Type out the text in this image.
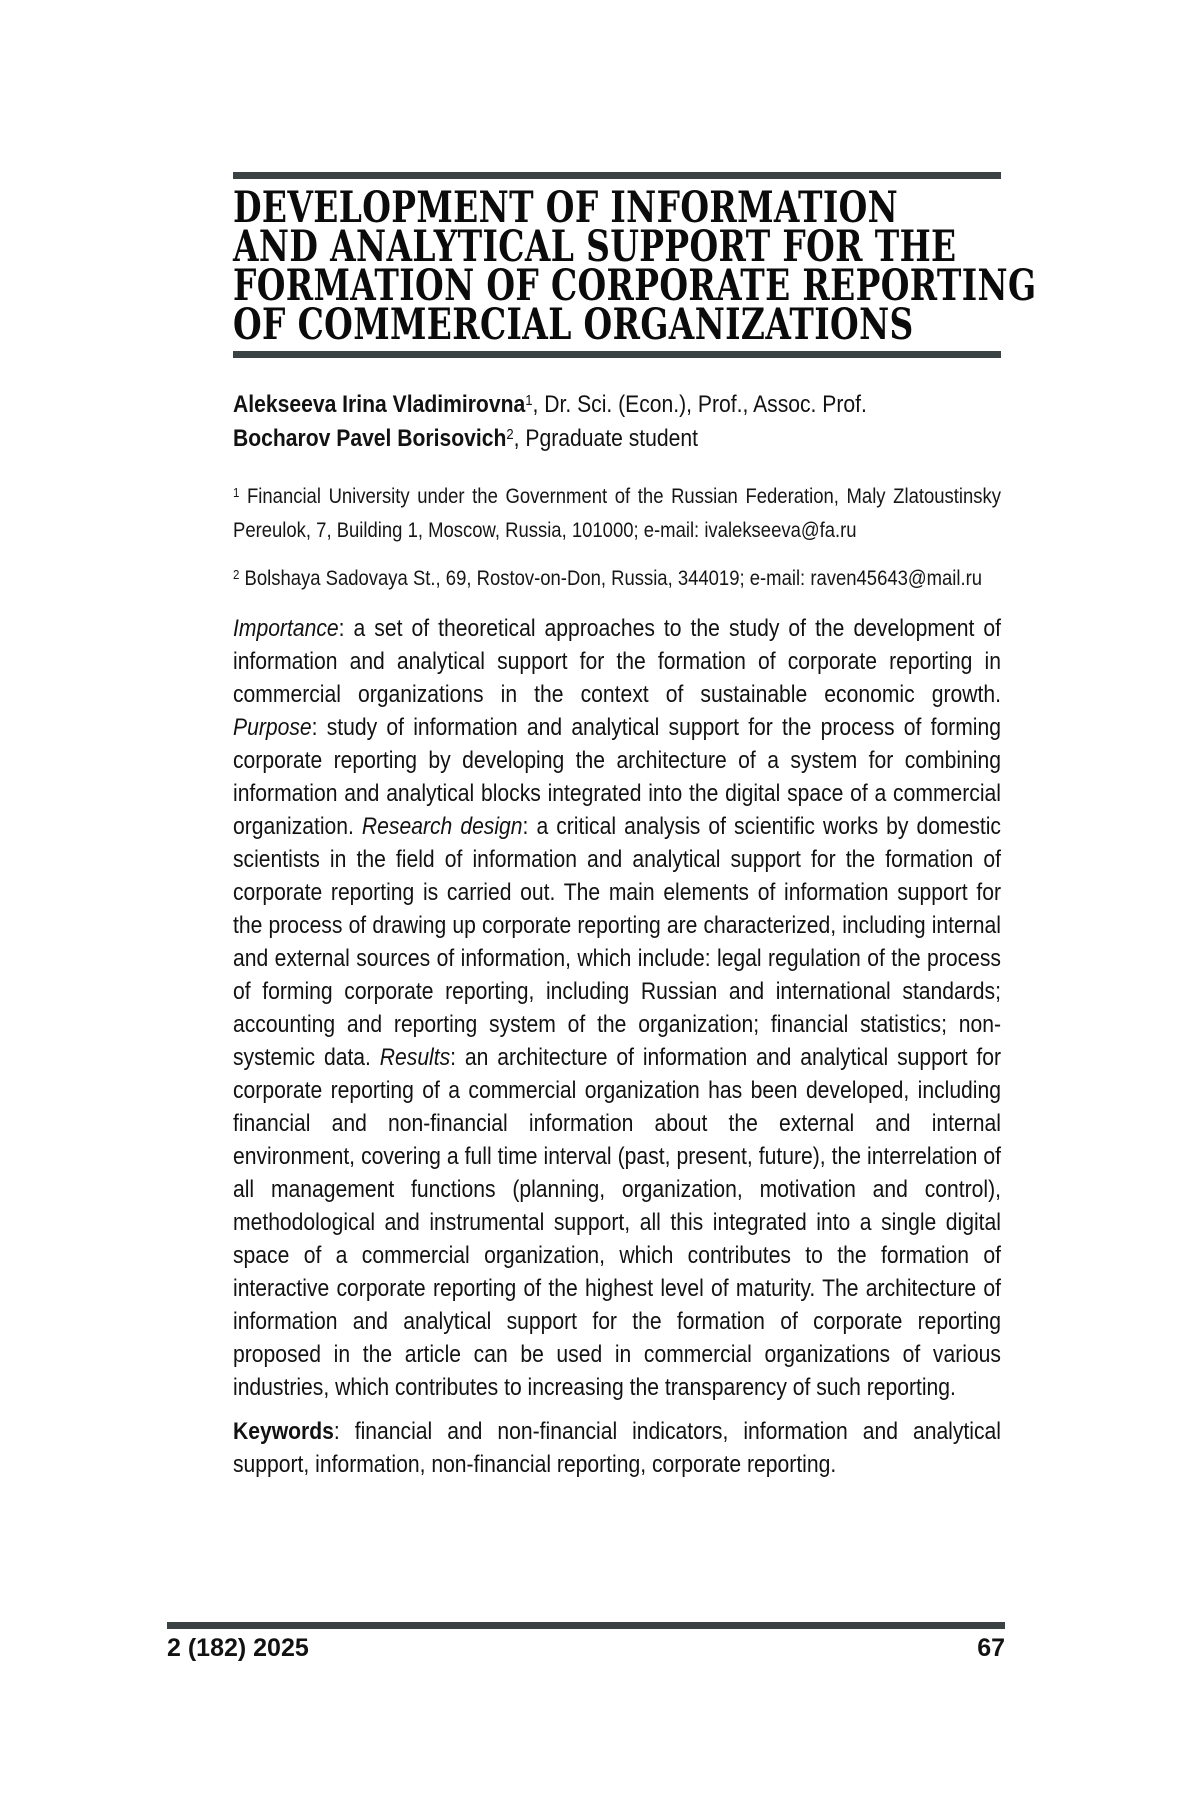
DEVELOPMENT OF INFORMATION
AND ANALYTICAL SUPPORT FOR THE
FORMATION OF CORPORATE REPORTING
OF COMMERCIAL ORGANIZATIONS

Alekseeva Irina Vladimirovna$^1$, Dr. Sci. (Econ.), Prof., Assoc. Prof.

Bocharov Pavel Borisovich$^2$, Pgraduate student

$^1$ Financial University under the Government of the Russian Federation, Maly Zlatoustinsky Pereulok, 7, Building 1, Moscow, Russia, 101000; e-mail: ivalekseeva@fa.ru

$^2$ Bolshaya Sadovaya St., 69, Rostov-on-Don, Russia, 344019; e-mail: raven45643@mail.ru

Importance: a set of theoretical approaches to the study of the development of information and analytical support for the formation of corporate reporting in commercial organizations in the context of sustainable economic growth. Purpose: study of information and analytical support for the process of forming corporate reporting by developing the architecture of a system for combining information and analytical blocks integrated into the digital space of a commercial organization. Research design: a critical analysis of scientific works by domestic scientists in the field of information and analytical support for the formation of corporate reporting is carried out. The main elements of information support for the process of drawing up corporate reporting are characterized, including internal and external sources of information, which include: legal regulation of the process of forming corporate reporting, including Russian and international standards; accounting and reporting system of the organization; financial statistics; non-systemic data. Results: an architecture of information and analytical support for corporate reporting of a commercial organization has been developed, including financial and non-financial information about the external and internal environment, covering a full time interval (past, present, future), the interrelation of all management functions (planning, organization, motivation and control), methodological and instrumental support, all this integrated into a single digital space of a commercial organization, which contributes to the formation of interactive corporate reporting of the highest level of maturity. The architecture of information and analytical support for the formation of corporate reporting proposed in the article can be used in commercial organizations of various industries, which contributes to increasing the transparency of such reporting.

Keywords: financial and non-financial indicators, information and analytical support, information, non-financial reporting, corporate reporting.

2 (182) 2025	67
